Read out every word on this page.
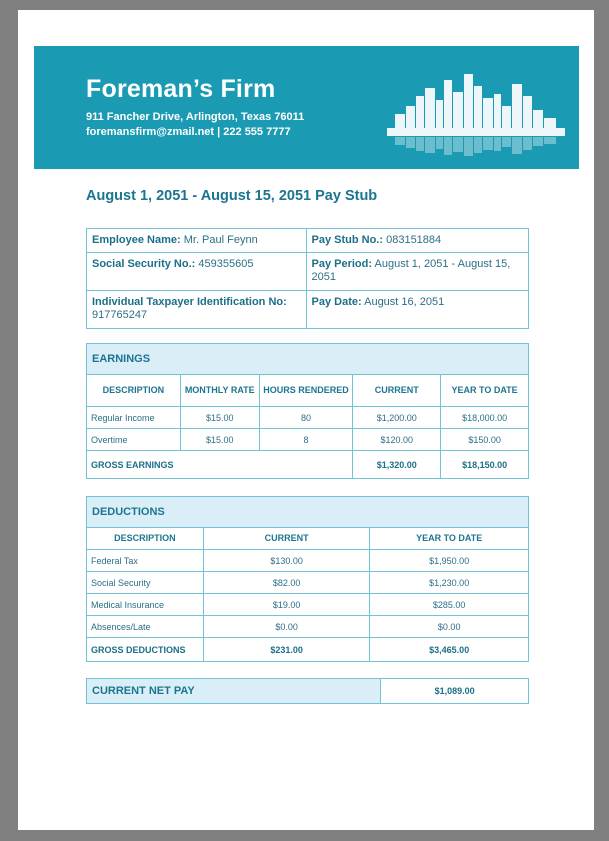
Foreman’s Firm
911 Fancher Drive, Arlington, Texas 76011
foremansfirm@zmail.net | 222 555 7777
August 1, 2051 - August 15, 2051 Pay Stub
Employee Name: Mr. Paul Feynn	Pay Stub No.: 083151884
Social Security No.: 459355605	Pay Period: August 1, 2051 - August 15, 2051
Individual Taxpayer Identification No:
917765247	Pay Date: August 16, 2051
EARNINGS				
DESCRIPTION	MONTHLY RATE	HOURS RENDERED	CURRENT	YEAR TO DATE
Regular Income	$15.00	80	$1,200.00	$18,000.00
Overtime	$15.00	8	$120.00	$150.00
GROSS EARNINGS			$1,320.00	$18,150.00
DEDUCTIONS		
DESCRIPTION	CURRENT	YEAR TO DATE
Federal Tax	$130.00	$1,950.00
Social Security	$82.00	$1,230.00
Medical Insurance	$19.00	$285.00
Absences/Late	$0.00	$0.00
GROSS DEDUCTIONS	$231.00	$3,465.00
CURRENT NET PAY	$1,089.00
